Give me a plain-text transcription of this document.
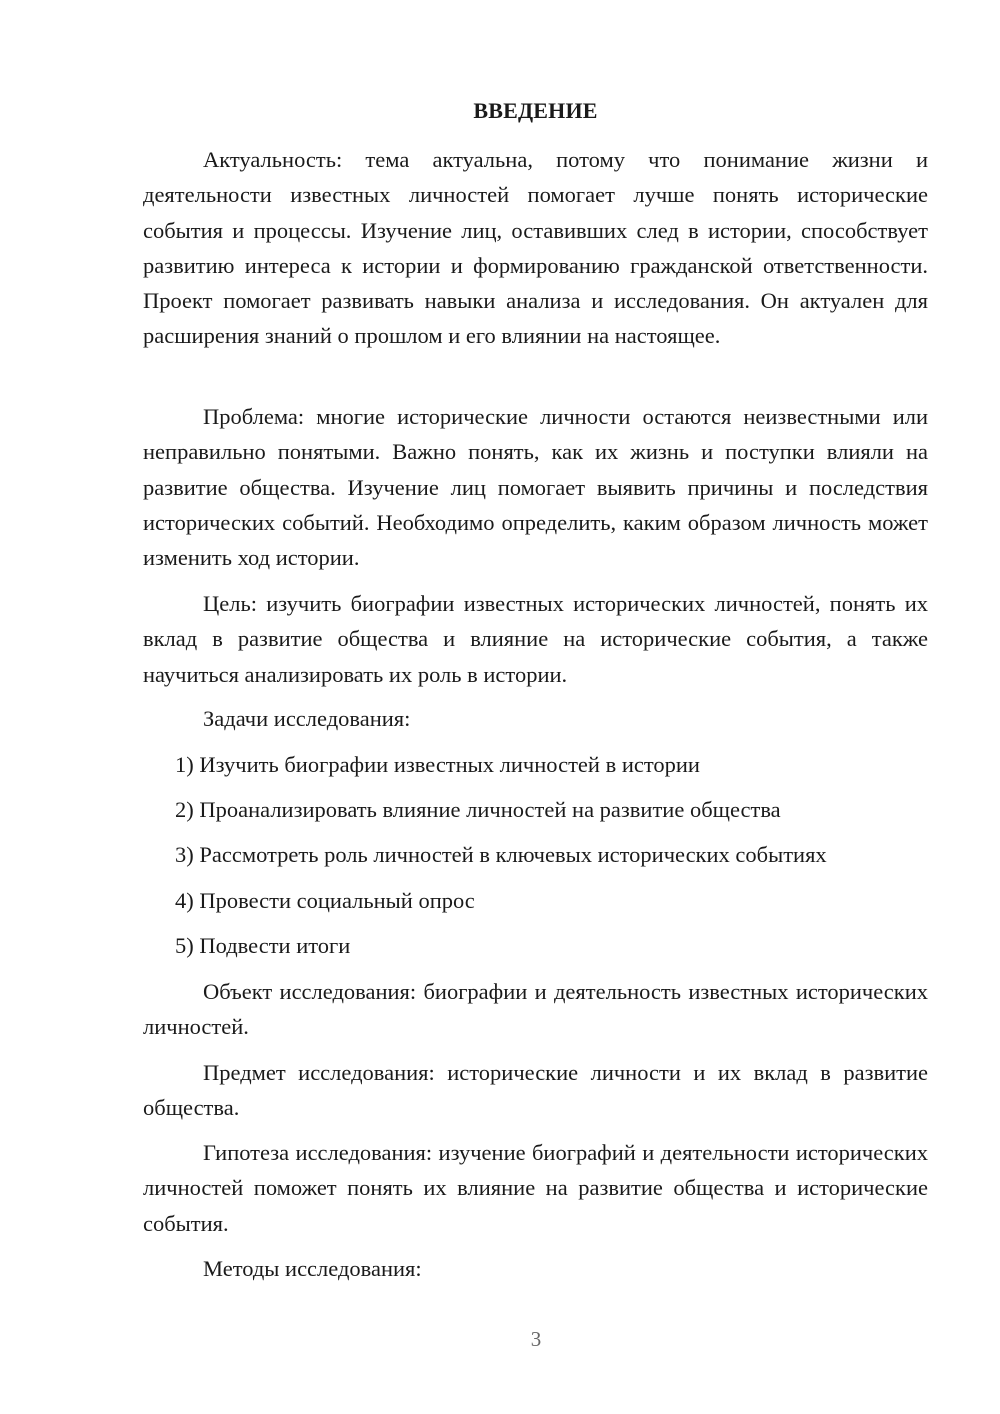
ВВЕДЕНИЕ

Актуальность: тема актуальна, потому что понимание жизни и деятельности известных личностей помогает лучше понять исторические события и процессы. Изучение лиц, оставивших след в истории, способствует развитию интереса к истории и формированию гражданской ответственности. Проект помогает развивать навыки анализа и исследования. Он актуален для расширения знаний о прошлом и его влиянии на настоящее.

Проблема: многие исторические личности остаются неизвестными или неправильно понятыми. Важно понять, как их жизнь и поступки влияли на развитие общества. Изучение лиц помогает выявить причины и последствия исторических событий. Необходимо определить, каким образом личность может изменить ход истории.

Цель: изучить биографии известных исторических личностей, понять их вклад в развитие общества и влияние на исторические события, а также научиться анализировать их роль в истории.

Задачи исследования:

1) Изучить биографии известных личностей в истории

2) Проанализировать влияние личностей на развитие общества

3) Рассмотреть роль личностей в ключевых исторических событиях

4) Провести социальный опрос

5) Подвести итоги

Объект исследования: биографии и деятельность известных исторических личностей.

Предмет исследования: исторические личности и их вклад в развитие общества.

Гипотеза исследования: изучение биографий и деятельности исторических личностей поможет понять их влияние на развитие общества и исторические события.

Методы исследования:

3
